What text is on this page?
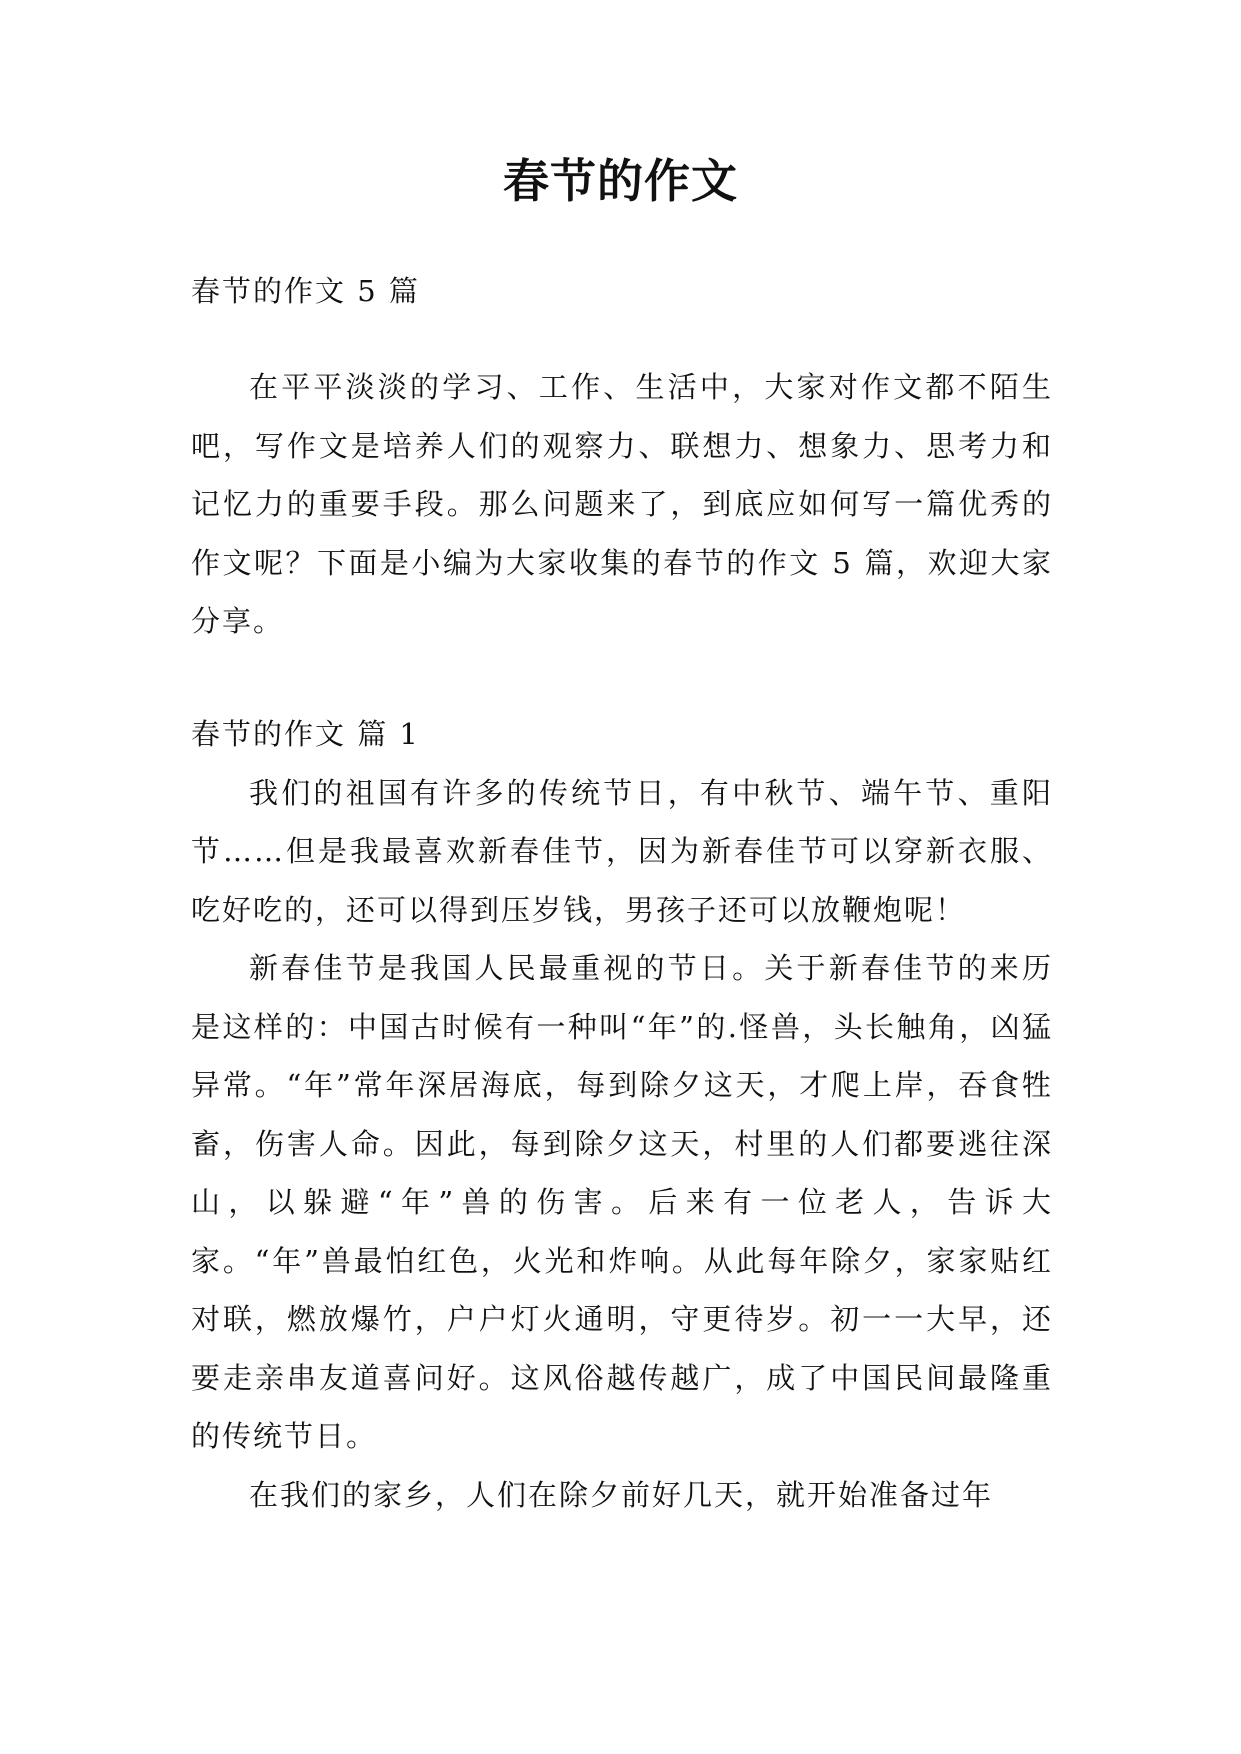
春节的作文

春节的作文 5 篇

在平平淡淡的学习、工作、生活中，大家对作文都不陌生吧，写作文是培养人们的观察力、联想力、想象力、思考力和记忆力的重要手段。那么问题来了，到底应如何写一篇优秀的作文呢？下面是小编为大家收集的春节的作文 5 篇，欢迎大家分享。

春节的作文 篇 1

我们的祖国有许多的传统节日，有中秋节、端午节、重阳节……但是我最喜欢新春佳节，因为新春佳节可以穿新衣服、吃好吃的，还可以得到压岁钱，男孩子还可以放鞭炮呢！

新春佳节是我国人民最重视的节日。关于新春佳节的来历是这样的：中国古时候有一种叫“年”的.怪兽，头长触角，凶猛异常。“年”常年深居海底，每到除夕这天，才爬上岸，吞食牲畜，伤害人命。因此，每到除夕这天，村里的人们都要逃往深山，以躲避“年”兽的伤害。后来有一位老人，告诉大家。“年”兽最怕红色，火光和炸响。从此每年除夕，家家贴红对联，燃放爆竹，户户灯火通明，守更待岁。初一一大早，还要走亲串友道喜问好。这风俗越传越广，成了中国民间最隆重的传统节日。

在我们的家乡，人们在除夕前好几天，就开始准备过年
